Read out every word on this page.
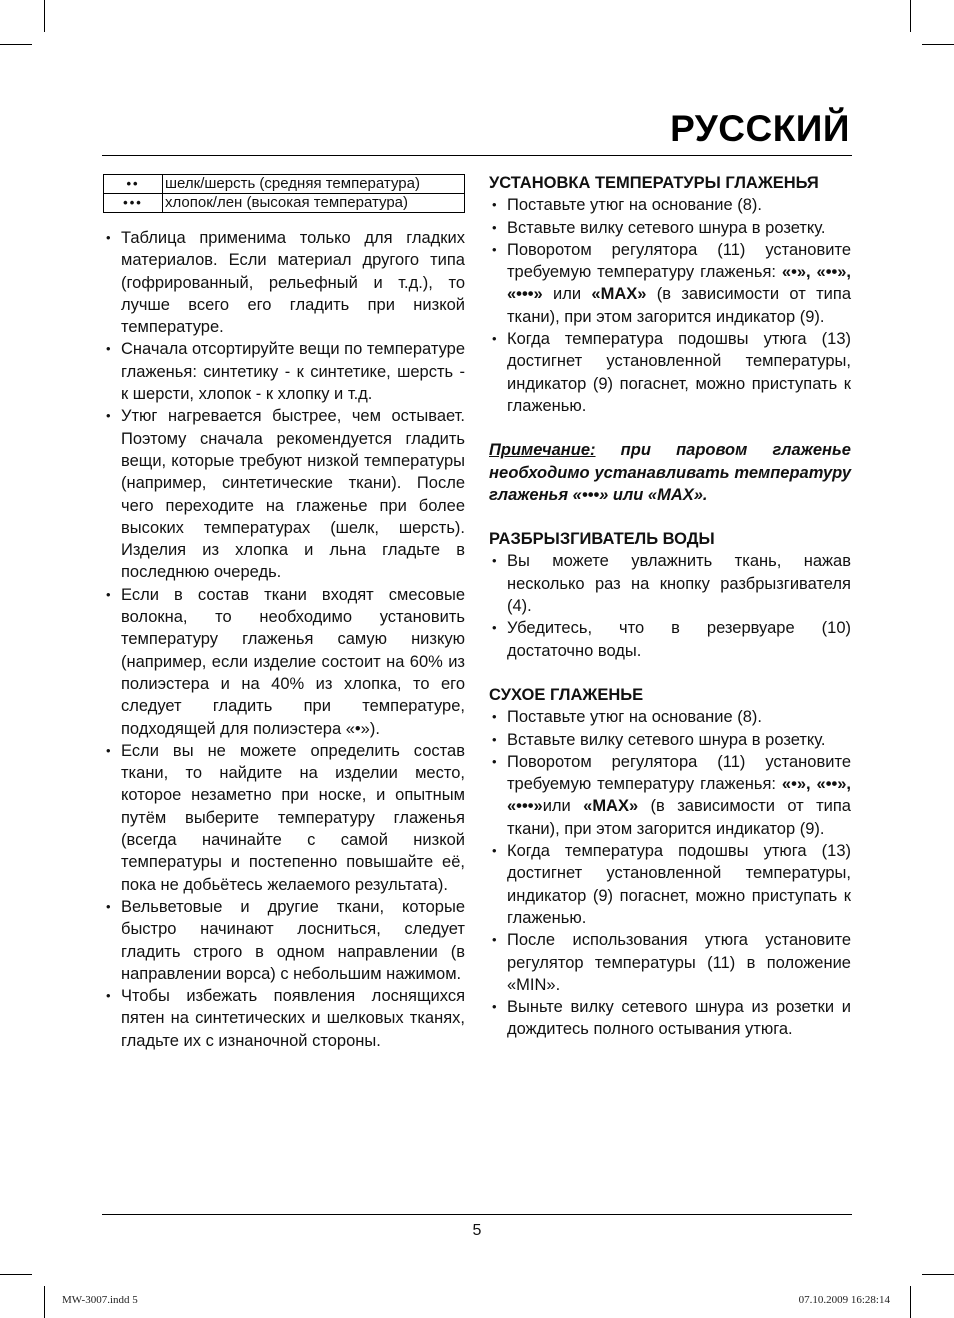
РУССКИЙ
••	шелк/шерсть (средняя температура)
•••	хлопок/лен (высокая температура)
• Таблица применима только для гладких материалов. Если материал другого типа (гофрированный, рельефный и т.д.), то лучше всего его гладить при низкой температуре.
• Сначала отсортируйте вещи по температуре глаженья: синтетику - к синтетике, шерсть - к шерсти, хлопок - к хлопку и т.д.
• Утюг нагревается быстрее, чем остывает. Поэтому сначала рекомендуется гладить вещи, которые требуют низкой температуры (например, синтетические ткани). После чего переходите на глаженье при более высоких температурах (шелк, шерсть). Изделия из хлопка и льна гладьте в последнюю очередь.
• Если в состав ткани входят смесовые волокна, то необходимо установить температуру глаженья самую низкую (например, если изделие состоит на 60% из полиэстера и на 40% из хлопка, то его следует гладить при температуре, подходящей для полиэстера «•»).
• Если вы не можете определить состав ткани, то найдите на изделии место, которое незаметно при носке, и опытным путём выберите температуру глаженья (всегда начинайте с самой низкой температуры и постепенно повышайте её, пока не добьётесь желаемого результата).
• Вельветовые и другие ткани, которые быстро начинают лосниться, следует гладить строго в одном направлении (в направлении ворса) с небольшим нажимом.
• Чтобы избежать появления лоснящихся пятен на синтетических и шелковых тканях, гладьте их с изнаночной стороны.
УСТАНОВКА ТЕМПЕРАТУРЫ ГЛАЖЕНЬЯ
• Поставьте утюг на основание (8).
• Вставьте вилку сетевого шнура в розетку.
• Поворотом регулятора (11) установите требуемую температуру глаженья: «•», «••», «•••» или «MAX» (в зависимости от типа ткани), при этом загорится индикатор (9).
• Когда температура подошвы утюга (13) достигнет установленной температуры, индикатор (9) погаснет, можно приступать к глаженью.
Примечание: при паровом глаженье необходимо устанавливать температуру глаженья «•••» или «MAX».
РАЗБРЫЗГИВАТЕЛЬ ВОДЫ
• Вы можете увлажнить ткань, нажав несколько раз на кнопку разбрызгивателя (4).
• Убедитесь, что в резервуаре (10) достаточно воды.
СУХОЕ ГЛАЖЕНЬЕ
• Поставьте утюг на основание (8).
• Вставьте вилку сетевого шнура в розетку.
• Поворотом регулятора (11) установите требуемую температуру глаженья: «•», «••», «•••»или «MAX» (в зависимости от типа ткани), при этом загорится индикатор (9).
• Когда температура подошвы утюга (13) достигнет установленной температуры, индикатор (9) погаснет, можно приступать к глаженью.
• После использования утюга установите регулятор температуры (11) в положение «MIN».
• Выньте вилку сетевого шнура из розетки и дождитесь полного остывания утюга.
5
MW-3007.indd 5	07.10.2009 16:28:14
